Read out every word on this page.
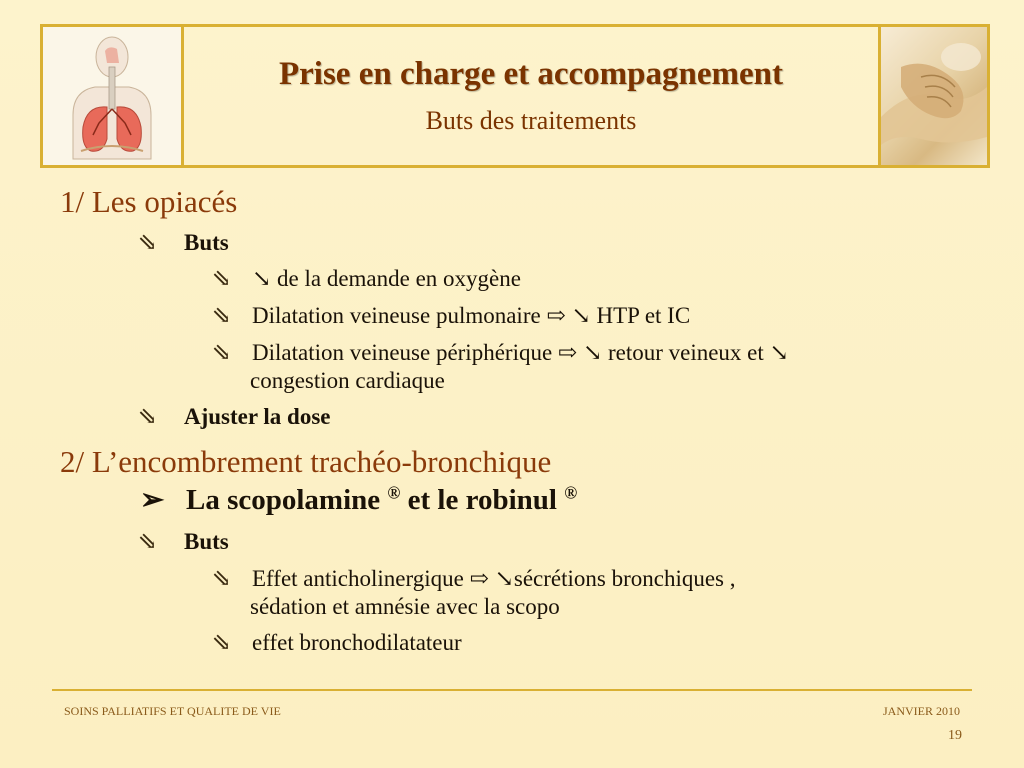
Prise en charge et accompagnement
Buts des traitements
1/ Les opiacés
⇘ Buts
⇘ ↘ de la demande en oxygène
⇘ Dilatation veineuse pulmonaire ⇨ ↘ HTP et IC
⇘ Dilatation veineuse périphérique ⇨ ↘ retour veineux et ↘
congestion cardiaque
⇘ Ajuster la dose
2/ L’encombrement trachéo-bronchique
➢ La scopolamine ® et le robinul ®
⇘ Buts
⇘ Effet anticholinergique ⇨ ↘sécrétions bronchiques ,
sédation et amnésie avec la scopo
⇘ effet bronchodilatateur
SOINS PALLIATIFS ET QUALITE DE VIE	JANVIER 2010
19
